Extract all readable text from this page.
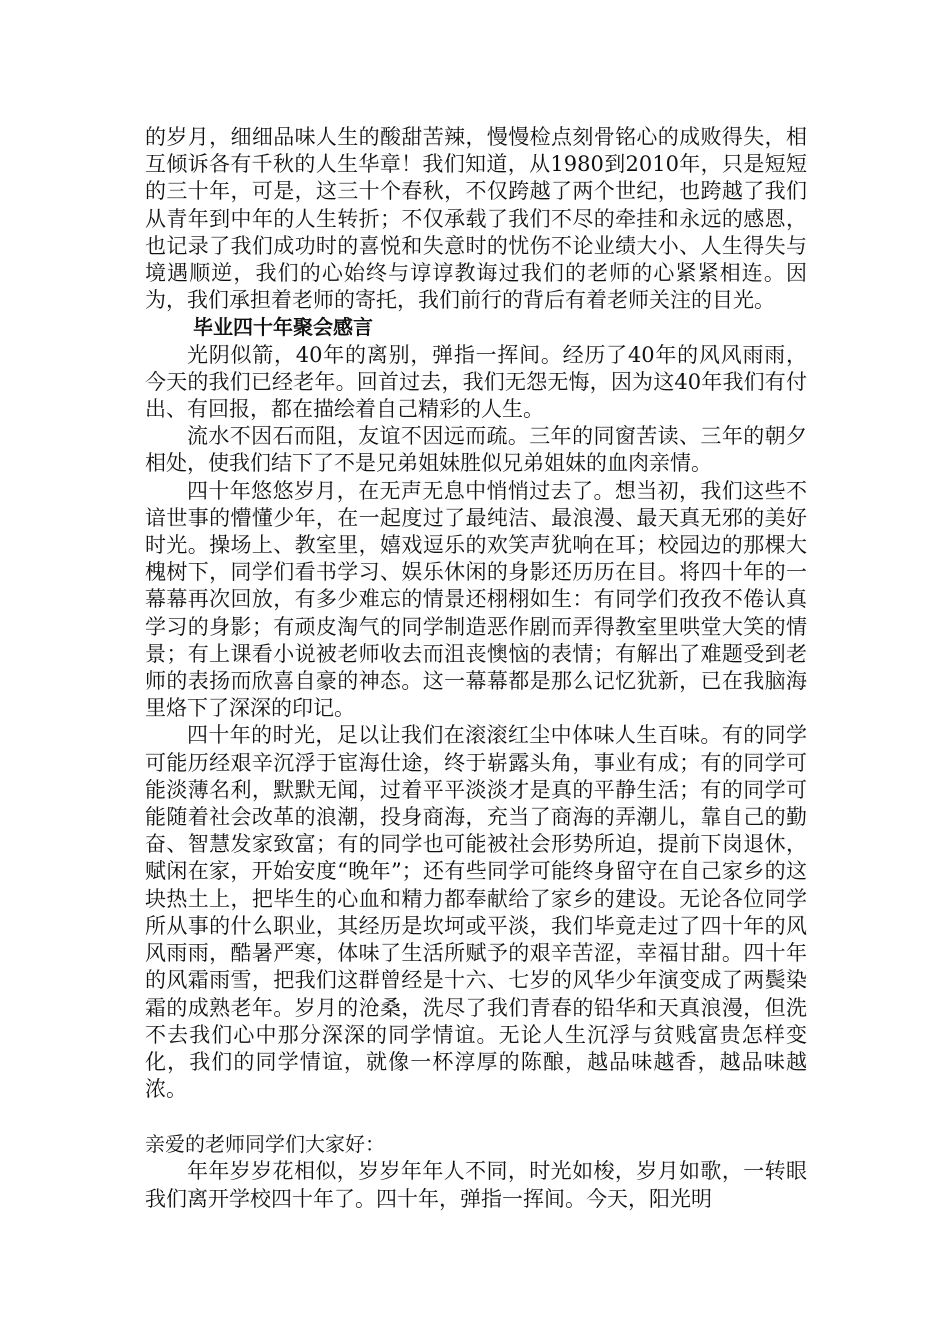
的岁月，细细品味人生的酸甜苦辣，慢慢检点刻骨铭心的成败得失，相互倾诉各有千秋的人生华章！我们知道，从1980到2010年，只是短短的三十年，可是，这三十个春秋，不仅跨越了两个世纪，也跨越了我们从青年到中年的人生转折；不仅承载了我们不尽的牵挂和永远的感恩，也记录了我们成功时的喜悦和失意时的忧伤不论业绩大小、人生得失与境遇顺逆，我们的心始终与谆谆教诲过我们的老师的心紧紧相连。因为，我们承担着老师的寄托，我们前行的背后有着老师关注的目光。

毕业四十年聚会感言

光阴似箭，40年的离别，弹指一挥间。经历了40年的风风雨雨，今天的我们已经老年。回首过去，我们无怨无悔，因为这40年我们有付出、有回报，都在描绘着自己精彩的人生。

流水不因石而阻，友谊不因远而疏。三年的同窗苦读、三年的朝夕相处，使我们结下了不是兄弟姐妹胜似兄弟姐妹的血肉亲情。

四十年悠悠岁月，在无声无息中悄悄过去了。想当初，我们这些不谙世事的懵懂少年，在一起度过了最纯洁、最浪漫、最天真无邪的美好时光。操场上、教室里，嬉戏逗乐的欢笑声犹响在耳；校园边的那棵大槐树下，同学们看书学习、娱乐休闲的身影还历历在目。将四十年的一幕幕再次回放，有多少难忘的情景还栩栩如生：有同学们孜孜不倦认真学习的身影；有顽皮淘气的同学制造恶作剧而弄得教室里哄堂大笑的情景；有上课看小说被老师收去而沮丧懊恼的表情；有解出了难题受到老师的表扬而欣喜自豪的神态。这一幕幕都是那么记忆犹新，已在我脑海里烙下了深深的印记。

四十年的时光，足以让我们在滚滚红尘中体味人生百味。有的同学可能历经艰辛沉浮于宦海仕途，终于崭露头角，事业有成；有的同学可能淡薄名利，默默无闻，过着平平淡淡才是真的平静生活；有的同学可能随着社会改革的浪潮，投身商海，充当了商海的弄潮儿，靠自己的勤奋、智慧发家致富；有的同学也可能被社会形势所迫，提前下岗退休，赋闲在家，开始安度“晚年”；还有些同学可能终身留守在自己家乡的这块热土上，把毕生的心血和精力都奉献给了家乡的建设。无论各位同学所从事的什么职业，其经历是坎坷或平淡，我们毕竟走过了四十年的风风雨雨，酷暑严寒，体味了生活所赋予的艰辛苦涩，幸福甘甜。四十年的风霜雨雪，把我们这群曾经是十六、七岁的风华少年演变成了两鬓染霜的成熟老年。岁月的沧桑，洗尽了我们青春的铅华和天真浪漫，但洗不去我们心中那分深深的同学情谊。无论人生沉浮与贫贱富贵怎样变化，我们的同学情谊，就像一杯淳厚的陈酿，越品味越香，越品味越浓。

亲爱的老师同学们大家好：

年年岁岁花相似，岁岁年年人不同，时光如梭，岁月如歌，一转眼我们离开学校四十年了。四十年，弹指一挥间。今天，阳光明
